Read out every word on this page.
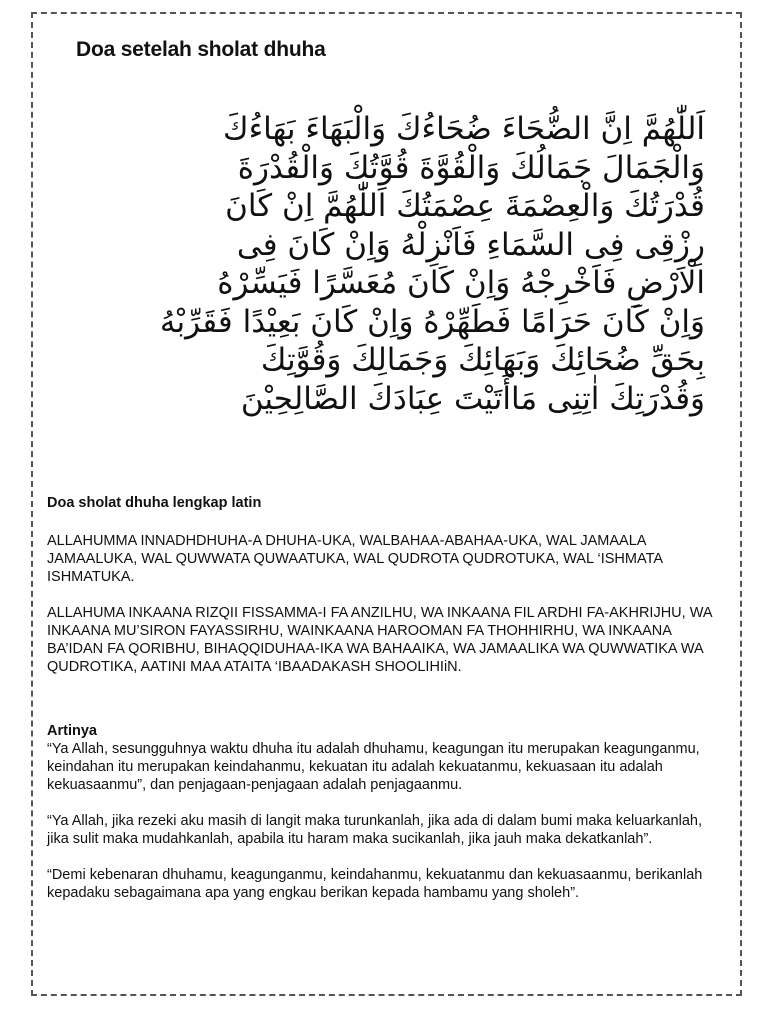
Doa setelah sholat dhuha
اَللّٰهُمَّ اِنَّ الضُّحَاءَ ضُحَاءُكَ وَالْبَهَاءَ بَهَاءُكَ
وَالْجَمَالَ جَمَالُكَ وَالْقُوَّةَ قُوَّتُكَ وَالْقُدْرَةَ
قُدْرَتُكَ وَالْعِصْمَةَ عِصْمَتُكَ اَللّٰهُمَّ اِنْ كَانَ
رِزْقِى فِى السَّمَاءِ فَاَنْزِلْهُ وَاِنْ كَانَ فِى
الْاَرْضِ فَاَخْرِجْهُ وَاِنْ كَانَ مُعَسَّرًا فَيَسِّرْهُ
وَاِنْ كَانَ حَرَامًا فَطَهِّرْهُ وَاِنْ كَانَ بَعِيْدًا فَقَرِّبْهُ
بِحَقِّ ضُحَائِكَ وَبَهَائِكَ وَجَمَالِكَ وَقُوَّتِكَ
وَقُدْرَتِكَ اٰتِنِى مَاأَتَيْتَ عِبَادَكَ الصَّالِحِيْنَ

Doa sholat dhuha lengkap latin

ALLAHUMMA INNADHDHUHA-A DHUHA-UKA, WALBAHAA-ABAHAA-UKA, WAL JAMAALA JAMAALUKA, WAL QUWWATA QUWAATUKA, WAL QUDROTA QUDROTUKA, WAL ‘ISHMATA ISHMATUKA.

ALLAHUMA INKAANA RIZQII FISSAMMA-I FA ANZILHU, WA INKAANA FIL ARDHI FA-AKHRIJHU, WA INKAANA MU’SIRON FAYASSIRHU, WAINKAANA HAROOMAN FA THOHHIRHU, WA INKAANA BA’IDAN FA QORIBHU, BIHAQQIDUHAA-IKA WA BAHAAIKA, WA JAMAALIKA WA QUWWATIKA WA QUDROTIKA, AATINI MAA ATAITA ‘IBAADAKASH SHOOLIHIiN.

Artinya

“Ya Allah, sesungguhnya waktu dhuha itu adalah dhuhamu, keagungan itu merupakan keagunganmu, keindahan itu merupakan keindahanmu, kekuatan itu adalah kekuatanmu, kekuasaan itu adalah kekuasaanmu”, dan penjagaan-penjagaan adalah penjagaanmu.

“Ya Allah, jika rezeki aku masih di langit maka turunkanlah, jika ada di dalam bumi maka keluarkanlah, jika sulit maka mudahkanlah, apabila itu haram maka sucikanlah, jika jauh maka dekatkanlah”.

“Demi kebenaran dhuhamu, keagunganmu, keindahanmu, kekuatanmu dan kekuasaanmu, berikanlah kepadaku sebagaimana apa yang engkau berikan kepada hambamu yang sholeh”.
